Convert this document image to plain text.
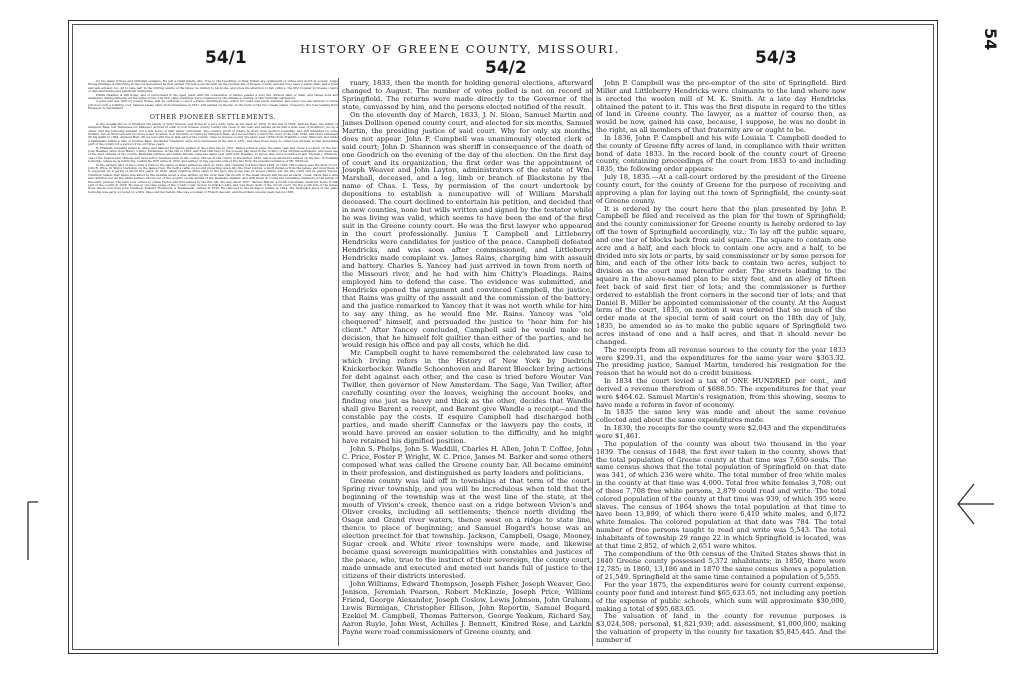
HISTORY OF GREENE COUNTY, MISSOURI.
54/1	54/2	54/3
54

for his many virtues and Christian example. He left a small family, who, true to the teachings of their father, are ornaments of virtue and worth in society. Judge Hosea Mullings is still living at the old homestead he first settled. He has gone through all the pioneer life of Greene county, and has long been a public man, and a tried and safe adviser; too old to take part in the stirring events of the times, he retired to his home, and gives his attention to fish culture, the first founder in Greene county of that interesting and beneficial enterprise.

Elisha Headlee is still living, and is surrounded in his aged years with the consolation of having passed a long life, without taint or stain, and raised sons and daughters distinguished in all the walks of life. The first camp-meetings were organized by the influence, mainly, of this Christian settlement.

A grist mill was built by Joseph Evans, and he ventured to erect a frame dwelling-house, which for years was much admired, and every one was anxious to know just how such a building cost. Samuel Lasley came from Tennessee in 1831, and settled on the Sac in the forks of the two creeks where crossed by the road leading from Ebenezer to Springfield.

OTHER PIONEER SETTLEMENTS.

In the neighborhood of Strafford the family of Jerry Pierson was living at a very early date, as far back as 1829. In the fall of 1829, Andrew Bass, the father of Sampson Bass, left Tennessee for Missouri, arrived in what is now Greene county toward the close of the year, and settled about half a mile west of Strafford, put up a cabin, and the following summer put a few acres of land under cultivation. The country north of where he lived (now Jackson township) was still inhabited by some Indians, but on their removal he chose a new location, now the farm occupied by Sampson Bass, and moved there toward the close of the year 1830, and there remained till his death in 1864. Alpheus Hull, whose sons still live in that part of the county, came to Greene county the same year (1830) from Franklin county, Missouri, and made a settlement within a mile of Andrew Bass. Alexander Chadwick came from Tennessee in the fall of 1831, and then there were no other new arrivals in that immediate part of the county for a period of two or three years.

In Franklin township James K. Alsop and Samuel Scroggins settled on the Little Sac in 1831. Daniel Johnson came the same year and chose a location on the Sac. John Headlee came from Maury county, Tennessee, in the fall of 1832, and from that time to the present has lived in the vicinity of his original settlement, and been one of the best citizens of the county. Benjamin Johnson and James Dryden came the same year with John Headlee, to whom they were brothers-in-law. Thomas J. Whitlock, one of the best-known citizens and most active business man in the county, arrived in the county in December, 1832, and soon afterward settled on the Sac, in Franklin township, where he is still living. Larkin De Witt came in 1832, and settled on the opposite side of the Sac from the present residence of Mr. Whitlock.

In the eastern part of the county a man by the name of Davis settled as early as 1822, and certainly not later than 1824, or 1825. His location was the farm of Col. John H. Price, in Taylor township, on the James river. He built a cabin on a point projecting down into the river bottom, a short distance from the James, and lived there it is supposed for a period of about five years. In 1836, when Crabtree Price came to the spot, the house was no longer visible, but the site could still be plainly traced. Tradition relates that Davis was killed by the Indians about a mile farther up the river near the mouth of the small stream still known as Davis' creek. Davis had a wife and children, but all the white settlers moved out of the country on the arrival of the Delaware Indians, and with them of course the remaining members of the family of this early pioneer. The farm now owned by Julian Foster was first settled by the Rev. Mr. Mooney about 1827. Samuel Martin, a North Carolinian, made his home in this part of the county in 1826. He was at one time judge of the county court, moved to Ozark county, and was there clerk of the circuit court. On the south side of the James river, where now lives John Caldwell, Edward Thompson, a Tennessean, settled in 1830. He removed to the Kickapoo prairie in 1834. The Galbreath place in the same township was early occupied by a Mrs. Page and her family. She was a woman of French descent, and lived there several years before 1836.

ruary, 1833, then the month for holding general elections, afterward changed to August. The number of votes polled is not on record at Springfield. The returns were made directly to the Governor of the state, canvassed by him, and the persons elected notified of the result.

On the eleventh day of March, 1833, J. N. Sloan, Samuel Martin and James Dollison opened county court, and elected for six months, Samuel Martin, the presiding justice of said court. Why for only six months, does not appear. John P. Campbell was unanimously elected clerk of said court; John D. Shannon was sheriff in consequence of the death of one Goodrich on the evening of the day of the election. On the first day of court and its organization, the first order was the appointment of Joseph Weaver and John Layton, administrators of the estate of Wm. Marshall, deceased, and a leg, limb or branch of Blackstone by the name of Chas. I. Tess, by permission of the court undertook by depositions to establish a nuncupative will of William Marshall deceased. The court declined to entertain his petition, and decided that in new counties, none but wills written and signed by the testator while he was living was valid, which seems to have been the end of the first suit in the Greene county court. He was the first lawyer who appeared in the court professionally. Junius T. Campbell and Littleberry Hendricks were candidates for justice of the peace. Campbell defeated Hendricks, and was soon after commissioned, and Littleberry Hendricks made complaint vs. James Rains, charging him with assault and battery. Charles S. Yancey had just arrived in town from north of the Missouri river, and he had with him Chitty's Pleadings. Rains employed him to defend the case. The evidence was submitted, and Hendricks opened the argument and convinced Campbell, the justice, that Rains was guilty of the assault and the commission of the battery; and the justice remarked to Yancey that it was not worth while for him to say any thing, as he would fine Mr. Rains. Yancey was "old chequered" himself, and persuaded the justice to "hear him for his client." After Yancey concluded, Campbell said he would make no decision, that he himself felt guiltier than either of the parties, and he would resign his office and pay all costs, which he did.

Mr. Campbell ought to have remembered the celebrated law case to which Irving refers in the History of New York by Diedrich Knickerbocker. Wandle Schoonhoven and Barent Bleecker bring actions for debt against each other, and the case is tried before Wouter Van Twiller, then governor of New Amsterdam. The Sage, Van Twiller, after carefully counting over the leaves, weighing the account books, and finding one just as heavy and thick as the other, decides that Wandle shall give Barent a receipt, and Barent give Wandle a receipt—and the constable pay the costs. If esquire Campbell had discharged both parties, and made sheriff Cannefax or the lawyers pay the costs, it would have proved an easier solution to the difficulty, and he might have retained his dignified position.

John S. Phelps, John S. Waddill, Charles H. Allen, John T. Coffee, John C. Price, Foster P. Wright, W. C. Price, James M. Barker and some others composed what was called the Greene county bar. All became eminent in their profession, and distinguished as party leaders and politicians.

Greene county was laid off in townships at that term of the court. Spring river township, and you will be incredulous when told that the beginning of the township was at the west line of the state, at the mouth of Vivion's creek, thence east on a ridge between Vivion's and Oliver creeks, including all settlements; thence north dividing the Osage and Grand river waters, thence west on a ridge to state line, thence to place of beginning; and Samuel Bogard's house was an election precinct for that township. Jackson, Campbell, Osage, Mooney, Sugar creek and White river townships were made, and likewise became quasi sovereign municipalities with constables and justices of the peace, who, true to the instinct of their sovereign, the county court, made unmade and executed and meted out hands full of justice to the citizens of their districts interested.

John Williams, Edward Thompson, Joseph Fisher, Joseph Weaver, Geo. Jenison, Jeremiah Pearson, Robert McKinzie, Joseph Price, William Friend, George Alexander, Joseph Coslow, Lewis Johnson, John Graham, Lewis Birmigan, Christopher Ellison, John Reportin, Samuel Bogard, Ezekiel M. Campbell, Thomas Patterson, George Yeakum, Richard Say, Aaron Ruyle, John West, Achilles J. Bennett, Kindred Rose, and Larkin Payne were road commissioners of Greene county, and

John P. Campbell was the pre-emptor of the site of Springfield. Bird Miller and Littleberry Hendricks were claimants to the land where now is erected the woolen mill of M. K. Smith. At a late day Hendricks obtained the patent to it. This was the first dispute in regard to the titles of land in Greene county. The lawyer, as a matter of course then, as would be now, gained his case, because, I suppose, he was no doubt in the right, as all members of that fraternity are or ought to be.

In 1836, John P. Campbell and his wife Louisia T. Campbell deeded to the county of Greene fifty acres of land, in compliance with their written bond of date 1833. In the record book of the county court of Greene county, containing proceedings of the court from 1833 to and including 1835, the following order appears:

July 18, 1835.—At a call-court ordered by the president of the Greene county court, for the county of Greene for the purpose of receiving and approving a plan for laying out the town of Springfield, the county-seat of Greene county.

It is ordered by the court here that the plan presented by John P. Campbell be filed and received as the plan for the town of Springfield; and the county commissioner for Greene county is hereby ordered to lay off the town of Springfield accordingly, viz.: To lay off the public square, and one tier of blocks back from said square. The square to contain one acre and a half, and each block to contain one acre and a half, to be divided into six lots or parts, by said commissioner or by some person for him, and each of the other lots back to contain two acres, subject to division as the court may hereafter order. The streets leading to the square in the above-named plan to be sixty feet, and an alley of fifteen feet back of said first tier of lots; and the commissioner is further ordered to establish the front corners in the second tier of lots; and that Daniel B. Miller be appointed commissioner of the county. At the August term of the court, 1835, on motion it was ordered that so much of the order made at the special term of said court on the 18th day of July, 1835, be amended so as to make the public square of Springfield two acres instead of one and a half acres, and that it should never be changed.

The receipts from all revenue sources to the county for the year 1833 were $299.31, and the expenditures for the same year were $363.32. The presiding justice, Samuel Martin, tendered his resignation for the reason that he would not do a credit business.

In 1834 the court levied a tax of ONE HUNDRED per cent., and derived a revenue therefrom of $688.55. The expenditures for that year were $464.62. Samuel Martin's resignation, from this showing, seems to have made a reform in favor of economy.

In 1835 the same levy was made and about the same revenue collected and about the same expenditures made.

In 1839, the receipts for the county were $2,043 and the expenditures were $1,461.

The population of the county was about two thousand in the year 1839. The census of 1848, the first ever taken in the county, shows that the total population of Greene county at that time was 7,650 souls. The same census shows that the total population of Springfield on that date was 341, of which 236 were white. The total number of free white males in the county at that time was 4,000. Total free white females 3,708; out of these 7,708 free white persons, 2,879 could read and write. The total colored population of the county at that time was 939, of which 395 were slaves. The census of 1864 shows the total population at that time to have been 13,899, of which there were 6,410 white males, and 6,872 white females. The colored population at that date was 784. The total number of free persons taught to read and write was 5,543. The total inhabitants of township 29 range 22 in which Springfield is located, was at that time 2,852, of which 2,651 were whites.

The compendium of the 9th census of the United States shows that in 1840 Greene county possessed 5,372 inhabitants; in 1850, there were 12,785; in 1860, 13,186 and in 1870 the same census shows a population of 21,549. Springfield at the same time contained a population of 5,555.

For the year 1875, the expenditures were for county current expense, county poor fund and interest fund $65,633.65, not including any portion of the expense of public schools, which sum will approximate $30,000, making a total of $95,683.65.

The valuation of land in the county for revenue purposes is $3,024,508; personal, $1,821,939; add. assessment, $1,000,000, making the valuation of property in the county for taxation $5,845,445. And the number of
